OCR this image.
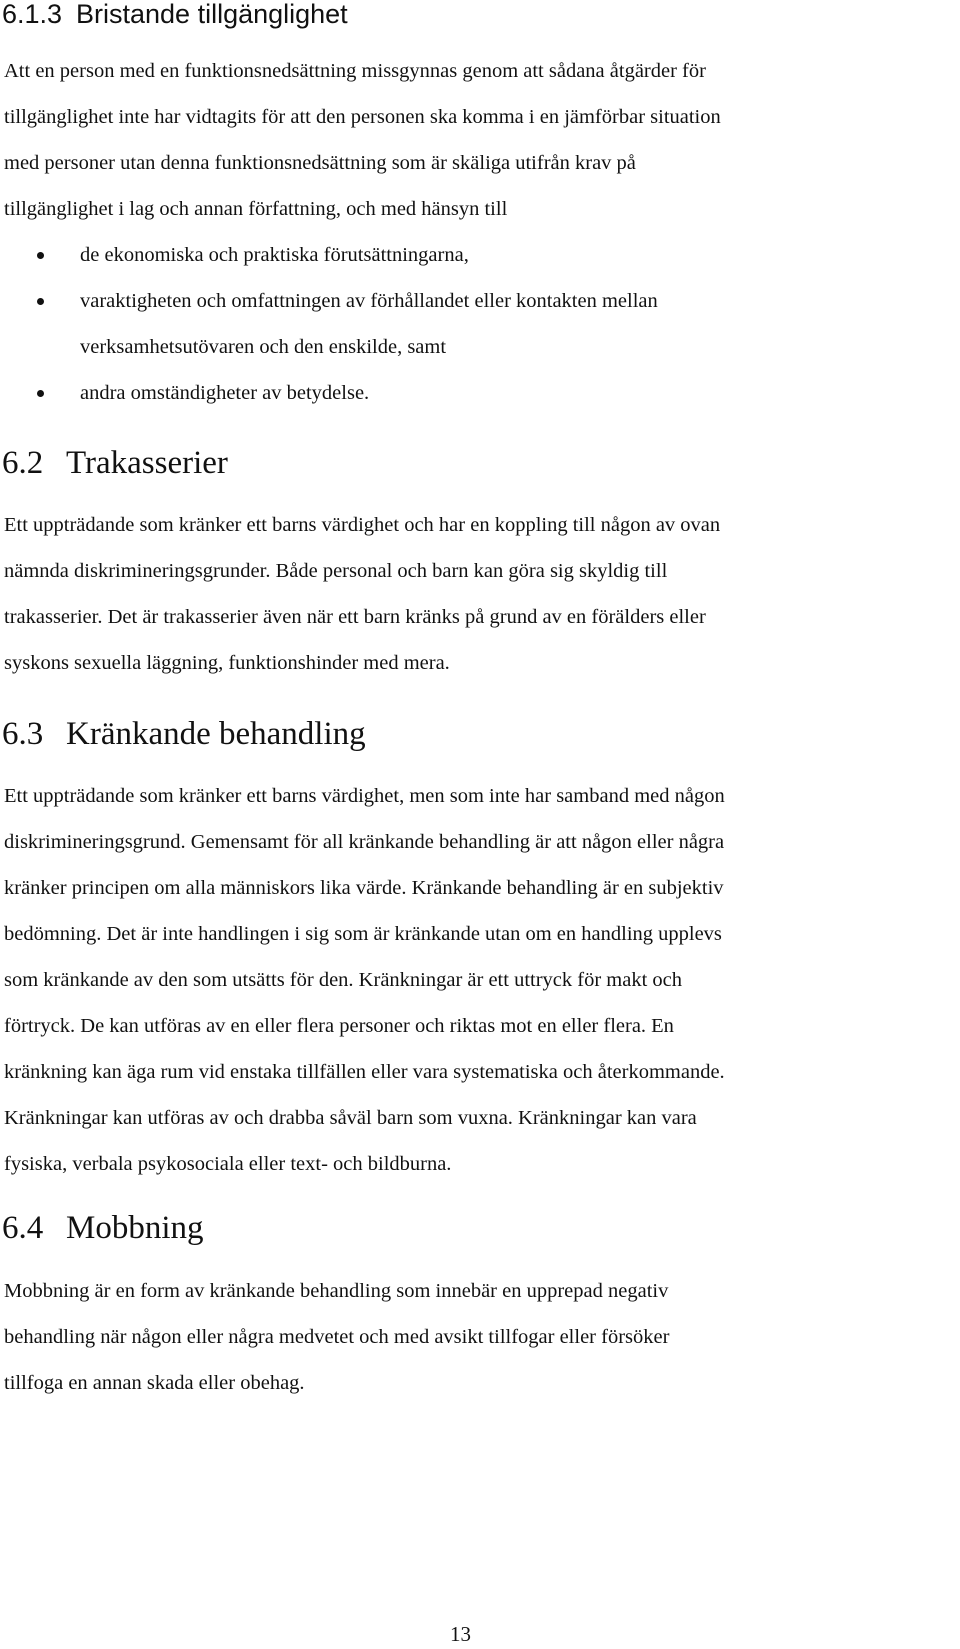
6.1.3 Bristande tillgänglighet
Att en person med en funktionsnedsättning missgynnas genom att sådana åtgärder för
tillgänglighet inte har vidtagits för att den personen ska komma i en jämförbar situation
med personer utan denna funktionsnedsättning som är skäliga utifrån krav på
tillgänglighet i lag och annan författning, och med hänsyn till
de ekonomiska och praktiska förutsättningarna,
varaktigheten och omfattningen av förhållandet eller kontakten mellan
verksamhetsutövaren och den enskilde, samt
andra omständigheter av betydelse.
6.2 Trakasserier
Ett uppträdande som kränker ett barns värdighet och har en koppling till någon av ovan
nämnda diskrimineringsgrunder. Både personal och barn kan göra sig skyldig till
trakasserier. Det är trakasserier även när ett barn kränks på grund av en förälders eller
syskons sexuella läggning, funktionshinder med mera.
6.3 Kränkande behandling
Ett uppträdande som kränker ett barns värdighet, men som inte har samband med någon
diskrimineringsgrund. Gemensamt för all kränkande behandling är att någon eller några
kränker principen om alla människors lika värde. Kränkande behandling är en subjektiv
bedömning. Det är inte handlingen i sig som är kränkande utan om en handling upplevs
som kränkande av den som utsätts för den. Kränkningar är ett uttryck för makt och
förtryck. De kan utföras av en eller flera personer och riktas mot en eller flera. En
kränkning kan äga rum vid enstaka tillfällen eller vara systematiska och återkommande.
Kränkningar kan utföras av och drabba såväl barn som vuxna. Kränkningar kan vara
fysiska, verbala psykosociala eller text- och bildburna.
6.4 Mobbning
Mobbning är en form av kränkande behandling som innebär en upprepad negativ
behandling när någon eller några medvetet och med avsikt tillfogar eller försöker
tillfoga en annan skada eller obehag.
13
